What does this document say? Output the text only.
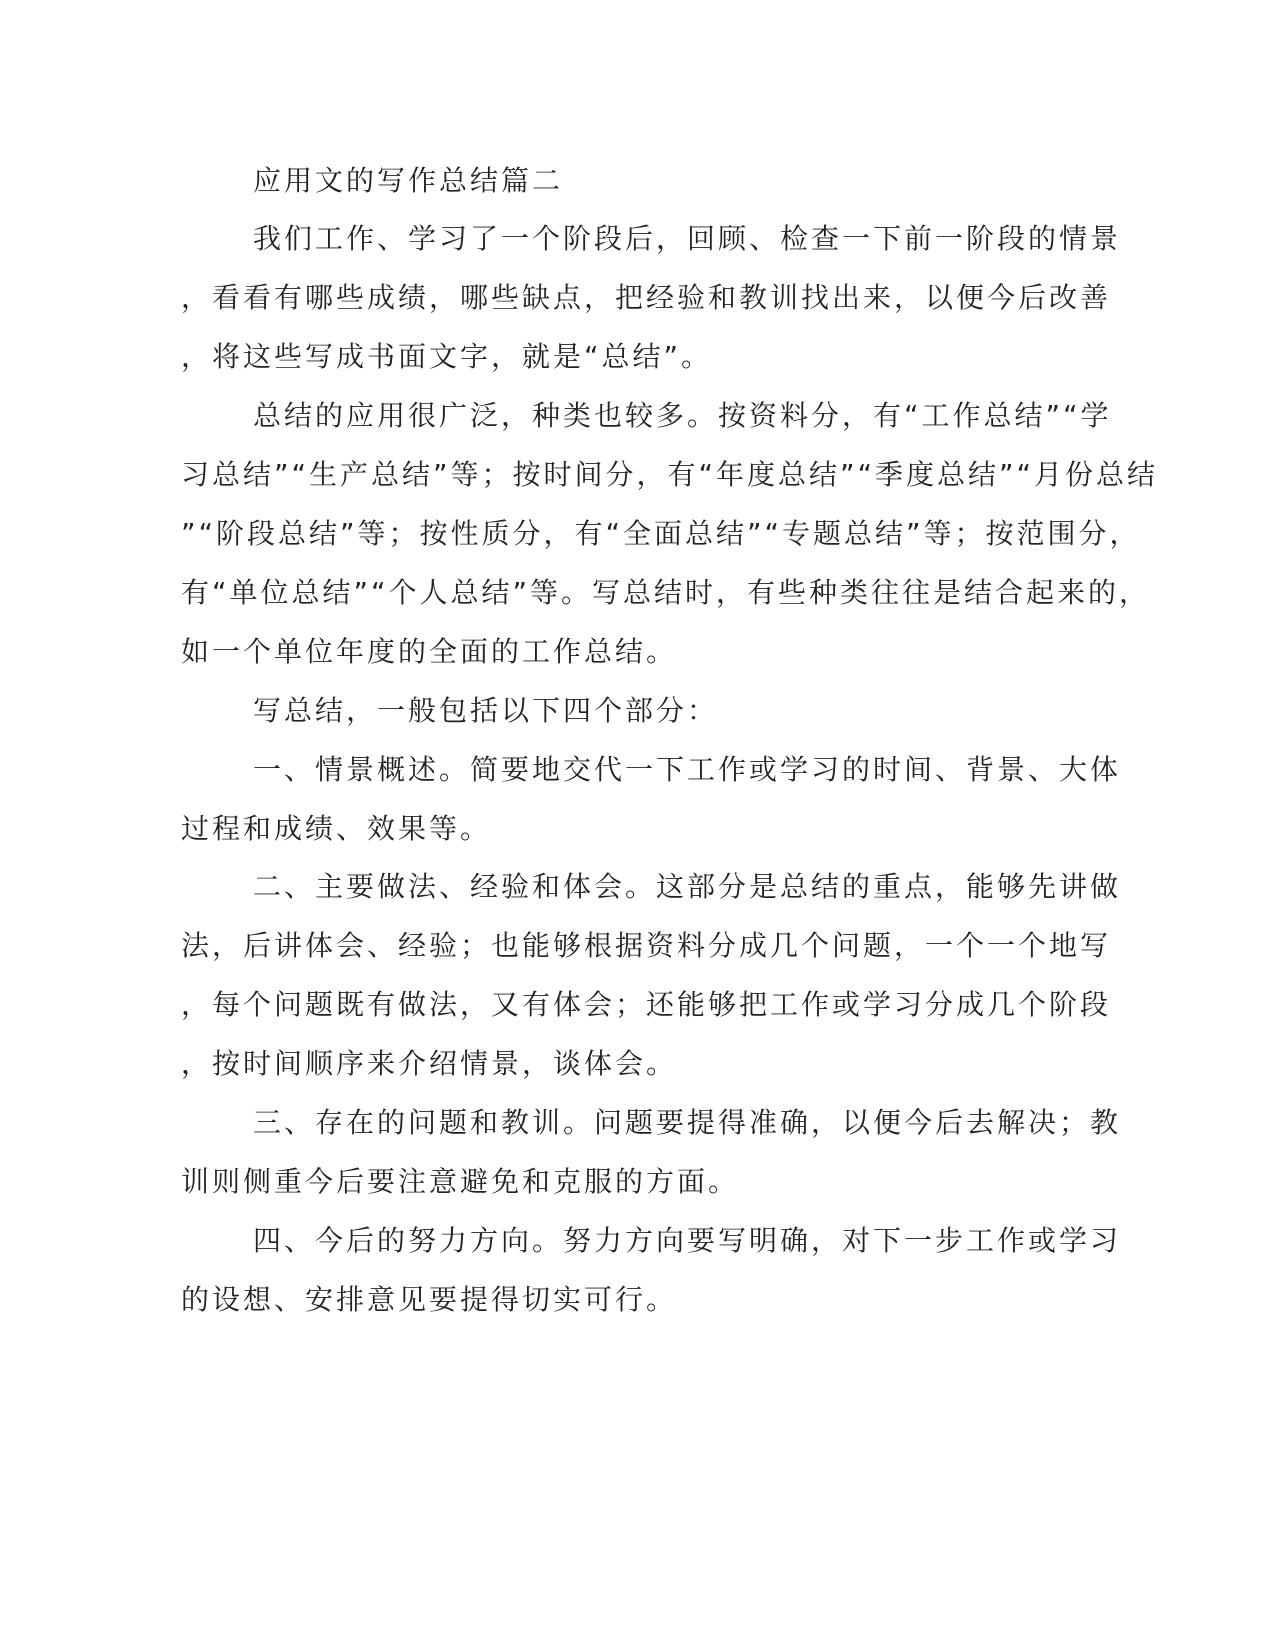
应用文的写作总结篇二
我们工作、学习了一个阶段后，回顾、检查一下前一阶段的情景
，看看有哪些成绩，哪些缺点，把经验和教训找出来，以便今后改善
，将这些写成书面文字，就是“总结”。
总结的应用很广泛，种类也较多。按资料分，有“工作总结”“学
习总结”“生产总结”等；按时间分，有“年度总结”“季度总结”“月份总结
”“阶段总结”等；按性质分，有“全面总结”“专题总结”等；按范围分，
有“单位总结”“个人总结”等。写总结时，有些种类往往是结合起来的，
如一个单位年度的全面的工作总结。
写总结，一般包括以下四个部分：
一、情景概述。简要地交代一下工作或学习的时间、背景、大体
过程和成绩、效果等。
二、主要做法、经验和体会。这部分是总结的重点，能够先讲做
法，后讲体会、经验；也能够根据资料分成几个问题，一个一个地写
，每个问题既有做法，又有体会；还能够把工作或学习分成几个阶段
，按时间顺序来介绍情景，谈体会。
三、存在的问题和教训。问题要提得准确，以便今后去解决；教
训则侧重今后要注意避免和克服的方面。
四、今后的努力方向。努力方向要写明确，对下一步工作或学习
的设想、安排意见要提得切实可行。
